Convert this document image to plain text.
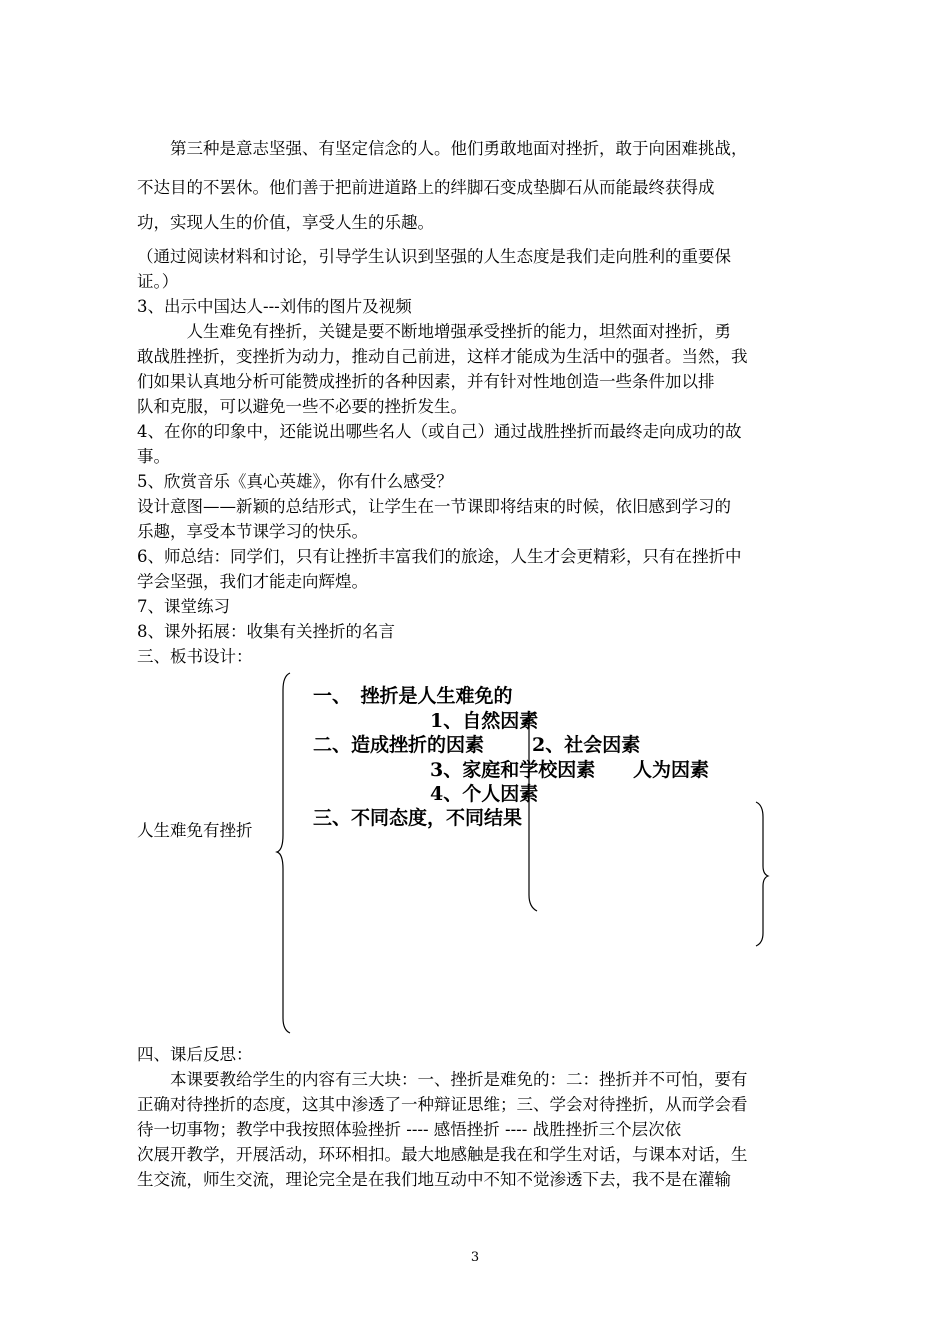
　　第三种是意志坚强、有坚定信念的人。他们勇敢地面对挫折，敢于向困难挑战，
不达目的不罢休。他们善于把前进道路上的绊脚石变成垫脚石从而能最终获得成
功，实现人生的价值，享受人生的乐趣。
（通过阅读材料和讨论，引导学生认识到坚强的人生态度是我们走向胜利的重要保
证。）
3、出示中国达人---刘伟的图片及视频
　　　人生难免有挫折，关键是要不断地增强承受挫折的能力，坦然面对挫折，勇
敢战胜挫折，变挫折为动力，推动自己前进，这样才能成为生活中的强者。当然，我
们如果认真地分析可能赞成挫折的各种因素，并有针对性地创造一些条件加以排
队和克服，可以避免一些不必要的挫折发生。
4、在你的印象中，还能说出哪些名人（或自己）通过战胜挫折而最终走向成功的故
事。
5、欣赏音乐《真心英雄》，你有什么感受？
设计意图——新颖的总结形式，让学生在一节课即将结束的时候，依旧感到学习的
乐趣，享受本节课学习的快乐。
6、师总结：同学们，只有让挫折丰富我们的旅途，人生才会更精彩，只有在挫折中
学会坚强，我们才能走向辉煌。
7、课堂练习
8、课外拓展：收集有关挫折的名言
三、板书设计：
人生难免有挫折
一、　挫折是人生难免的
1、自然因素
二、造成挫折的因素	2、社会因素
3、家庭和学校因素 人为因素
4、个人因素
三、不同态度，不同结果
四、课后反思：
　　本课要教给学生的内容有三大块：一、挫折是难免的：二：挫折并不可怕，要有
正确对待挫折的态度，这其中渗透了一种辩证思维；三、学会对待挫折，从而学会看
待一切事物；教学中我按照体验挫折 ---- 感悟挫折 ---- 战胜挫折三个层次依
次展开教学，开展活动，环环相扣。最大地感触是我在和学生对话，与课本对话，生
生交流，师生交流，理论完全是在我们地互动中不知不觉渗透下去，我不是在灌输
3
